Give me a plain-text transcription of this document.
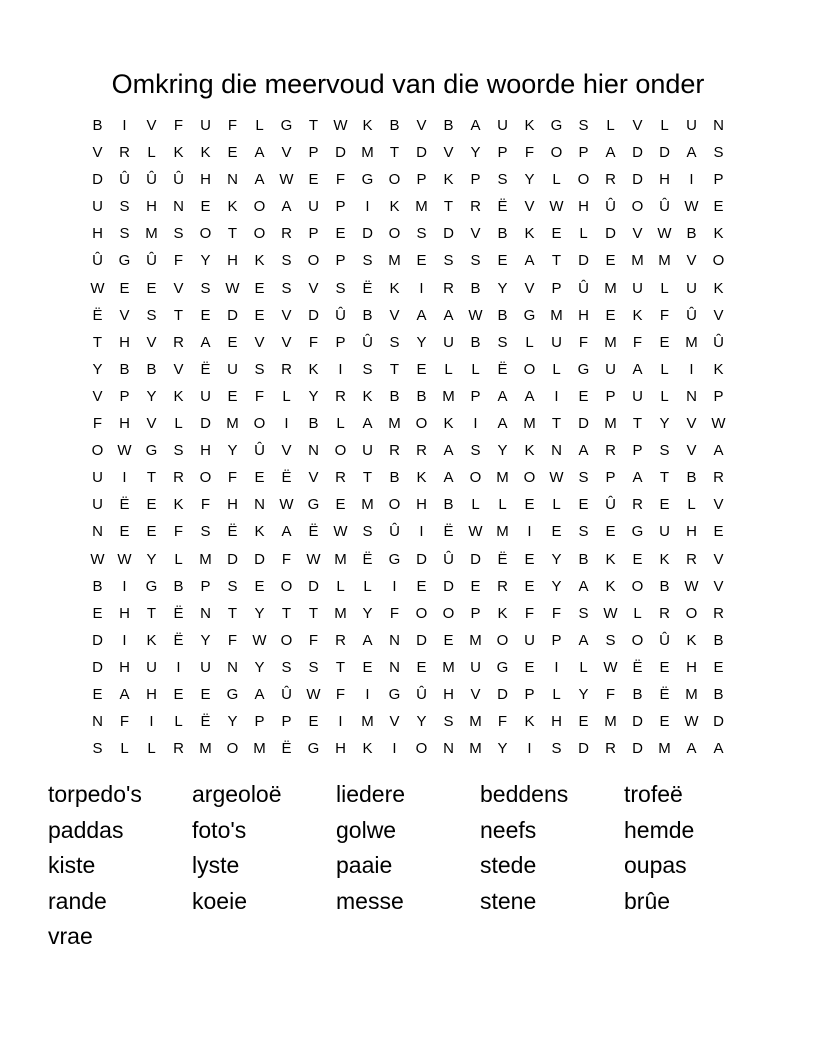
Omkring die meervoud van die woorde hier onder
B	I	V	F	U	F	L	G	T	W K	B	V	B	A	U	K	G	S	L	V	L	U	N
V	R	L	K	K	E	A	V	P	D	M	T	D	V	Y	P	F	O	P	A	D	D	A	S
D	Û	Û	Û	H	N	A W E	F	G	O	P	K	P	S	Y	L	O	R	D	H	I	P
U	S	H	N	E	K	O	A	U	P	I	K	M	T	R	Ë	V W H	Û	O	Û W E
H	S	M	S	O	T	O	R	P	E	D	O	S	D	V	B	K	E	L	D	V W B	K
Û	G	Û	F	Y	H	K	S	O	P	S	M	E	S	S	E	A	T	D	E	M M	V	O
W E	E	V	S W E	S	V	S	Ë	K	I	R	B	Y	V	P	Û	M	U	L	U	K
Ë	V	S	T	E	D	E	V	D	Û	B	V	A	A W B	G M	H	E	K	F	Û	V
T	H	V	R	A	E	V	V	F	P	Û	S	Y	U	B	S	L	U	F	M	F	E	M	Û
Y	B	B	V	Ë	U	S	R	K	I	S	T	E	L	L	Ë	O	L	G	U	A	L	I	K
V	P	Y	K	U	E	F	L	Y	R	K	B	B	M	P	A	A	I	E	P	U	L	N	P
F	H	V	L	D	M O	I	B	L	A	M O	K	I	A	M	T	D	M	T	Y	V W
O W G	S	H	Y	Û	V	N	O	U	R	R	A	S	Y	K	N	A	R	P	S	V	A
U	I	T	R	O	F	E	Ë	V	R	T	B	K	A	O M O W S	P	A	T	B	R
U	Ë	E	K	F	H	N W G	E	M O	H	B	L	L	E	L	E	Û	R	E	L	V
N	E	E	F	S	Ë	K	A	Ë W S	Û	I	Ë W M	I	E	S	E	G	U	H	E
W W Y	L	M	D	D	F	W M	Ë	G	D	Û	D	Ë	E	Y	B	K	E	K	R	V
B	I	G	B	P	S	E	O	D	L	L	I	E	D	E	R	E	Y	A	K	O	B W V
E	H	T	Ë	N	T	Y	T	T	M	Y	F	O	O	P	K	F	F	S W	L	R	O	R
D	I	K	Ë	Y	F	W O	F	R	A	N	D	E	M O	U	P	A	S	O	Û	K	B
D	H	U	I	U	N	Y	S	S	T	E	N	E	M	U	G	E	I	L	W Ë	E	H	E
E	A	H	E	E	G	A	Û W	F	I	G	Û	H	V	D	P	L	Y	F	B	Ë	M	B
N	F	I	L	Ë	Y	P	P	E	I	M	V	Y	S	M	F	K	H	E	M	D	E W D
S	L	L	R	M O M	Ë	G	H	K	I	O	N	M	Y	I	S	D	R	D	M	A	A
torpedo's	argeoloë	liedere	beddens	trofeë
paddas	foto's	golwe	neefs	hemde
kiste	lyste	paaie	stede	oupas
rande	koeie	messe	stene	brûe
vrae
